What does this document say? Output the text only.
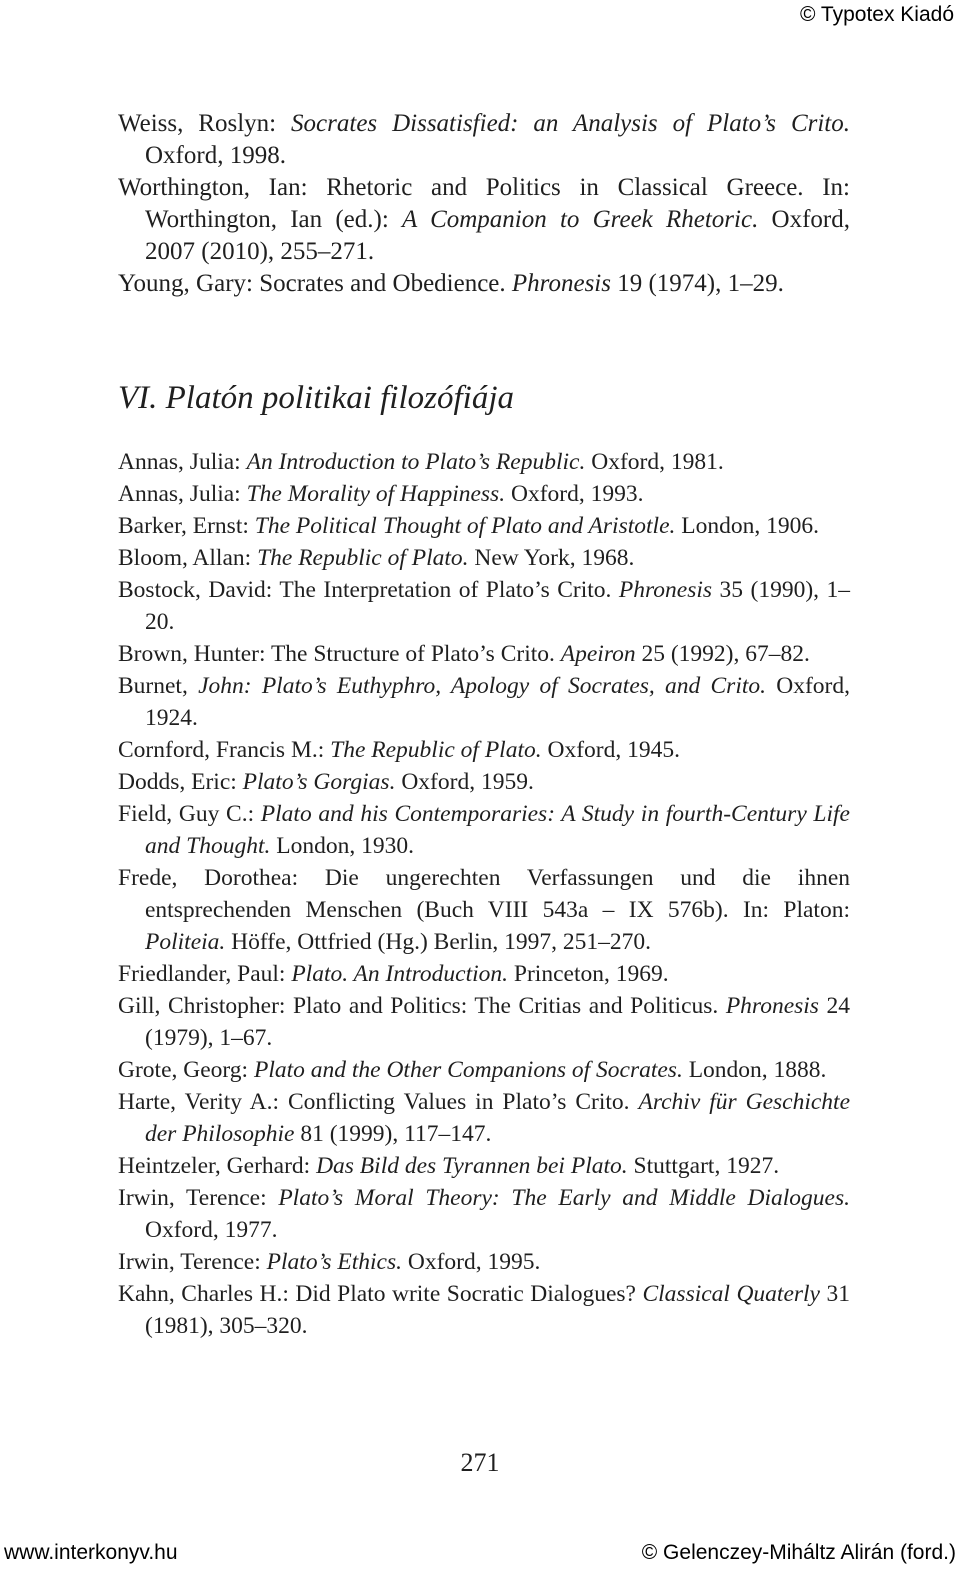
© Typotex Kiadó

Weiss, Roslyn: Socrates Dissatisfied: an Analysis of Plato’s Crito. Oxford, 1998.

Worthington, Ian: Rhetoric and Politics in Classical Greece. In: Worthington, Ian (ed.): A Companion to Greek Rhetoric. Oxford, 2007 (2010), 255–271.

Young, Gary: Socrates and Obedience. Phronesis 19 (1974), 1–29.

VI. Platón politikai filozófiája

Annas, Julia: An Introduction to Plato’s Republic. Oxford, 1981.

Annas, Julia: The Morality of Happiness. Oxford, 1993.

Barker, Ernst: The Political Thought of Plato and Aristotle. London, 1906.

Bloom, Allan: The Republic of Plato. New York, 1968.

Bostock, David: The Interpretation of Plato’s Crito. Phronesis 35 (1990), 1–20.

Brown, Hunter: The Structure of Plato’s Crito. Apeiron 25 (1992), 67–82.

Burnet, John: Plato’s Euthyphro, Apology of Socrates, and Crito. Oxford, 1924.

Cornford, Francis M.: The Republic of Plato. Oxford, 1945.

Dodds, Eric: Plato’s Gorgias. Oxford, 1959.

Field, Guy C.: Plato and his Contemporaries: A Study in fourth-Century Life and Thought. London, 1930.

Frede, Dorothea: Die ungerechten Verfassungen und die ihnen entsprechenden Menschen (Buch VIII 543a – IX 576b). In: Platon: Politeia. Höffe, Ottfried (Hg.) Berlin, 1997, 251–270.

Friedlander, Paul: Plato. An Introduction. Princeton, 1969.

Gill, Christopher: Plato and Politics: The Critias and Politicus. Phronesis 24 (1979), 1–67.

Grote, Georg: Plato and the Other Companions of Socrates. London, 1888.

Harte, Verity A.: Conflicting Values in Plato’s Crito. Archiv für Geschichte der Philosophie 81 (1999), 117–147.

Heintzeler, Gerhard: Das Bild des Tyrannen bei Plato. Stuttgart, 1927.

Irwin, Terence: Plato’s Moral Theory: The Early and Middle Dialogues. Oxford, 1977.

Irwin, Terence: Plato’s Ethics. Oxford, 1995.

Kahn, Charles H.: Did Plato write Socratic Dialogues? Classical Quaterly 31 (1981), 305–320.

271
www.interkonyv.hu	© Gelenczey-Miháltz Alirán (ford.)
